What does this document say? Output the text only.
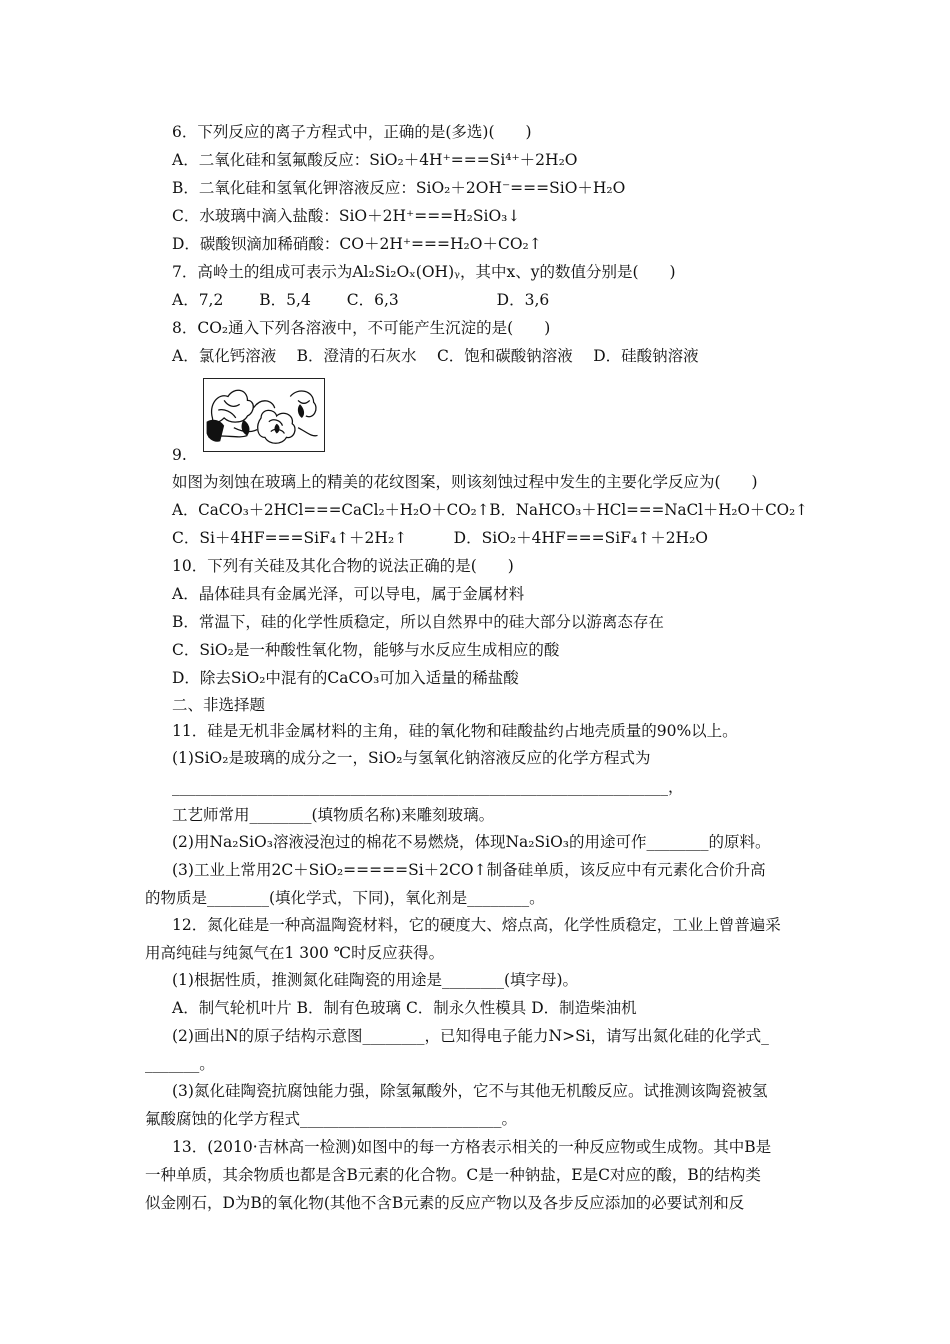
6．下列反应的离子方程式中，正确的是(多选)(　　)
A．二氧化硅和氢氟酸反应：SiO₂＋4H⁺===Si⁴⁺＋2H₂O
B．二氧化硅和氢氧化钾溶液反应：SiO₂＋2OH⁻===SiO＋H₂O
C．水玻璃中滴入盐酸：SiO＋2H⁺===H₂SiO₃↓
D．碳酸钡滴加稀硝酸：CO＋2H⁺===H₂O＋CO₂↑
7．高岭土的组成可表示为Al₂Si₂Oₓ(OH)ᵧ，其中x、y的数值分别是(　　)
A．7,2　　 B．5,4　　 C．6,3　　　　　　 D．3,6
8．CO₂通入下列各溶液中，不可能产生沉淀的是(　　)
A．氯化钙溶液　 B．澄清的石灰水　 C．饱和碳酸钠溶液　 D．硅酸钠溶液
9.
如图为刻蚀在玻璃上的精美的花纹图案，则该刻蚀过程中发生的主要化学反应为(　　)
A．CaCO₃＋2HCl===CaCl₂＋H₂O＋CO₂↑B．NaHCO₃＋HCl===NaCl＋H₂O＋CO₂↑
C．Si＋4HF===SiF₄↑＋2H₂↑　　　D．SiO₂＋4HF===SiF₄↑＋2H₂O
10．下列有关硅及其化合物的说法正确的是(　　)
A．晶体硅具有金属光泽，可以导电，属于金属材料
B．常温下，硅的化学性质稳定，所以自然界中的硅大部分以游离态存在
C．SiO₂是一种酸性氧化物，能够与水反应生成相应的酸
D．除去SiO₂中混有的CaCO₃可加入适量的稀盐酸
二、非选择题
11．硅是无机非金属材料的主角，硅的氧化物和硅酸盐约占地壳质量的90%以上。
(1)SiO₂是玻璃的成分之一，SiO₂与氢氧化钠溶液反应的化学方程式为
________________________________________________________________，
工艺师常用________(填物质名称)来雕刻玻璃。
(2)用Na₂SiO₃溶液浸泡过的棉花不易燃烧，体现Na₂SiO₃的用途可作________的原料。
(3)工业上常用2C＋SiO₂=====Si＋2CO↑制备硅单质，该反应中有元素化合价升高
的物质是________(填化学式，下同)，氧化剂是________。
12．氮化硅是一种高温陶瓷材料，它的硬度大、熔点高，化学性质稳定，工业上曾普遍采
用高纯硅与纯氮气在1 300 ℃时反应获得。
(1)根据性质，推测氮化硅陶瓷的用途是________(填字母)。
A．制气轮机叶片 B．制有色玻璃 C．制永久性模具 D．制造柴油机
(2)画出N的原子结构示意图________，已知得电子能力N>Si，请写出氮化硅的化学式_
_______。
(3)氮化硅陶瓷抗腐蚀能力强，除氢氟酸外，它不与其他无机酸反应。试推测该陶瓷被氢
氟酸腐蚀的化学方程式__________________________。
13．(2010·吉林高一检测)如图中的每一方格表示相关的一种反应物或生成物。其中B是
一种单质，其余物质也都是含B元素的化合物。C是一种钠盐，E是C对应的酸，B的结构类
似金刚石，D为B的氧化物(其他不含B元素的反应产物以及各步反应添加的必要试剂和反
